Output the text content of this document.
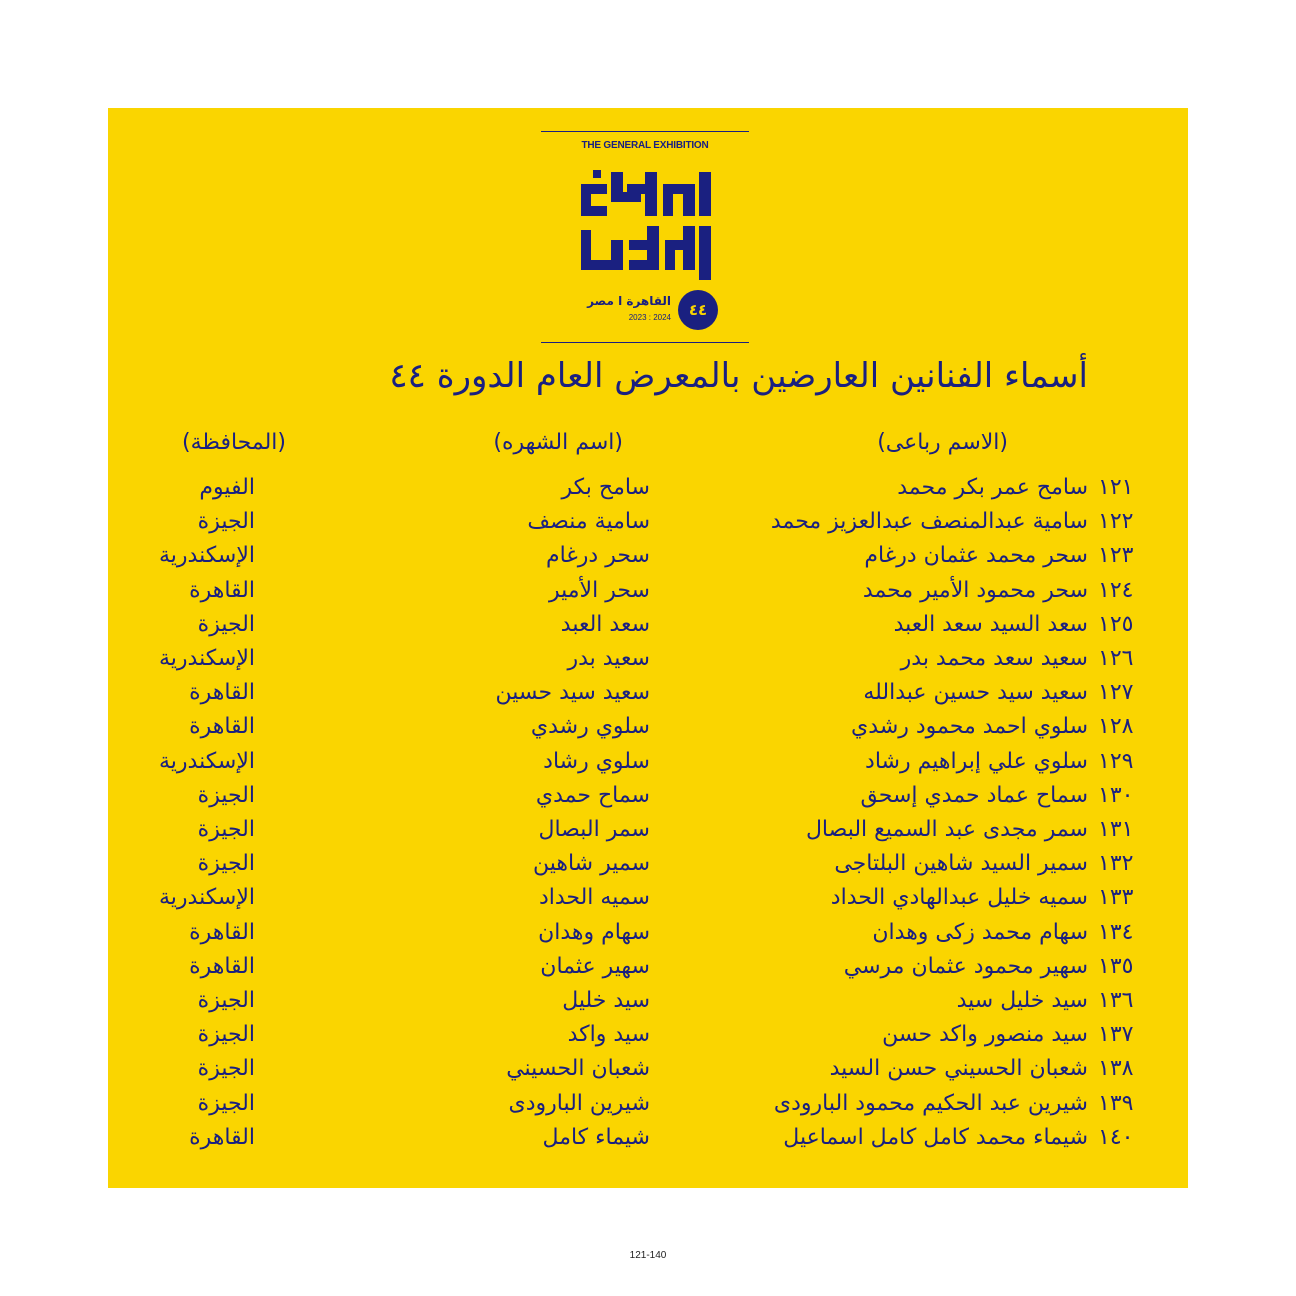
THE GENERAL EXHIBITION
القاهرة ا مصر
2023 : 2024	٤٤
أسماء الفنانين العارضين بالمعرض العام الدورة ٤٤
(الاسم رباعى)
(اسم الشهره)
(المحافظة)
١٢١
سامح عمر بكر محمد
سامح بكر
الفيوم
١٢٢
سامية عبدالمنصف عبدالعزيز محمد
سامية منصف
الجيزة
١٢٣
سحر محمد عثمان درغام
سحر درغام
الإسكندرية
١٢٤
سحر محمود الأمير محمد
سحر الأمير
القاهرة
١٢٥
سعد السيد سعد العبد
سعد العبد
الجيزة
١٢٦
سعيد سعد محمد بدر
سعيد بدر
الإسكندرية
١٢٧
سعيد سيد حسين عبدالله
سعيد سيد حسين
القاهرة
١٢٨
سلوي احمد محمود رشدي
سلوي رشدي
القاهرة
١٢٩
سلوي علي إبراهيم رشاد
سلوي رشاد
الإسكندرية
١٣٠
سماح عماد حمدي إسحق
سماح حمدي
الجيزة
١٣١
سمر مجدى عبد السميع البصال
سمر البصال
الجيزة
١٣٢
سمير السيد شاهين البلتاجى
سمير شاهين
الجيزة
١٣٣
سميه خليل عبدالهادي الحداد
سميه الحداد
الإسكندرية
١٣٤
سهام محمد زكى وهدان
سهام وهدان
القاهرة
١٣٥
سهير محمود عثمان مرسي
سهير عثمان
القاهرة
١٣٦
سيد خليل سيد
سيد خليل
الجيزة
١٣٧
سيد منصور واكد حسن
سيد واكد
الجيزة
١٣٨
شعبان الحسيني حسن السيد
شعبان الحسيني
الجيزة
١٣٩
شيرين عبد الحكيم محمود البارودى
شيرين البارودى
الجيزة
١٤٠
شيماء محمد كامل كامل اسماعيل
شيماء كامل
القاهرة
121-140
